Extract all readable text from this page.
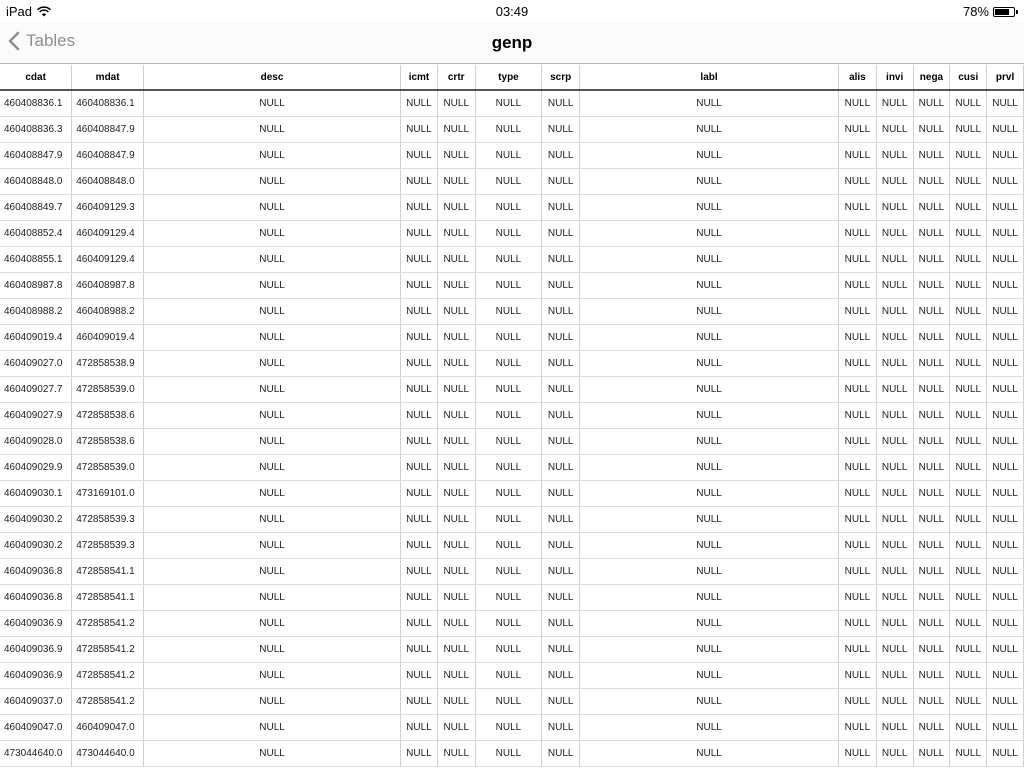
iPad	03:49	78%
Tables	genp
cdat	mdat	desc	icmt	crtr	type	scrp	labl	alis	invi	nega	cusi	prvl
460408836.1	460408836.1	NULL	NULL	NULL	NULL	NULL	NULL	NULL	NULL	NULL	NULL	NULL
460408836.3	460408847.9	NULL	NULL	NULL	NULL	NULL	NULL	NULL	NULL	NULL	NULL	NULL
460408847.9	460408847.9	NULL	NULL	NULL	NULL	NULL	NULL	NULL	NULL	NULL	NULL	NULL
460408848.0	460408848.0	NULL	NULL	NULL	NULL	NULL	NULL	NULL	NULL	NULL	NULL	NULL
460408849.7	460409129.3	NULL	NULL	NULL	NULL	NULL	NULL	NULL	NULL	NULL	NULL	NULL
460408852.4	460409129.4	NULL	NULL	NULL	NULL	NULL	NULL	NULL	NULL	NULL	NULL	NULL
460408855.1	460409129.4	NULL	NULL	NULL	NULL	NULL	NULL	NULL	NULL	NULL	NULL	NULL
460408987.8	460408987.8	NULL	NULL	NULL	NULL	NULL	NULL	NULL	NULL	NULL	NULL	NULL
460408988.2	460408988.2	NULL	NULL	NULL	NULL	NULL	NULL	NULL	NULL	NULL	NULL	NULL
460409019.4	460409019.4	NULL	NULL	NULL	NULL	NULL	NULL	NULL	NULL	NULL	NULL	NULL
460409027.0	472858538.9	NULL	NULL	NULL	NULL	NULL	NULL	NULL	NULL	NULL	NULL	NULL
460409027.7	472858539.0	NULL	NULL	NULL	NULL	NULL	NULL	NULL	NULL	NULL	NULL	NULL
460409027.9	472858538.6	NULL	NULL	NULL	NULL	NULL	NULL	NULL	NULL	NULL	NULL	NULL
460409028.0	472858538.6	NULL	NULL	NULL	NULL	NULL	NULL	NULL	NULL	NULL	NULL	NULL
460409029.9	472858539.0	NULL	NULL	NULL	NULL	NULL	NULL	NULL	NULL	NULL	NULL	NULL
460409030.1	473169101.0	NULL	NULL	NULL	NULL	NULL	NULL	NULL	NULL	NULL	NULL	NULL
460409030.2	472858539.3	NULL	NULL	NULL	NULL	NULL	NULL	NULL	NULL	NULL	NULL	NULL
460409030.2	472858539.3	NULL	NULL	NULL	NULL	NULL	NULL	NULL	NULL	NULL	NULL	NULL
460409036.8	472858541.1	NULL	NULL	NULL	NULL	NULL	NULL	NULL	NULL	NULL	NULL	NULL
460409036.8	472858541.1	NULL	NULL	NULL	NULL	NULL	NULL	NULL	NULL	NULL	NULL	NULL
460409036.9	472858541.2	NULL	NULL	NULL	NULL	NULL	NULL	NULL	NULL	NULL	NULL	NULL
460409036.9	472858541.2	NULL	NULL	NULL	NULL	NULL	NULL	NULL	NULL	NULL	NULL	NULL
460409036.9	472858541.2	NULL	NULL	NULL	NULL	NULL	NULL	NULL	NULL	NULL	NULL	NULL
460409037.0	472858541.2	NULL	NULL	NULL	NULL	NULL	NULL	NULL	NULL	NULL	NULL	NULL
460409047.0	460409047.0	NULL	NULL	NULL	NULL	NULL	NULL	NULL	NULL	NULL	NULL	NULL
473044640.0	473044640.0	NULL	NULL	NULL	NULL	NULL	NULL	NULL	NULL	NULL	NULL	NULL
